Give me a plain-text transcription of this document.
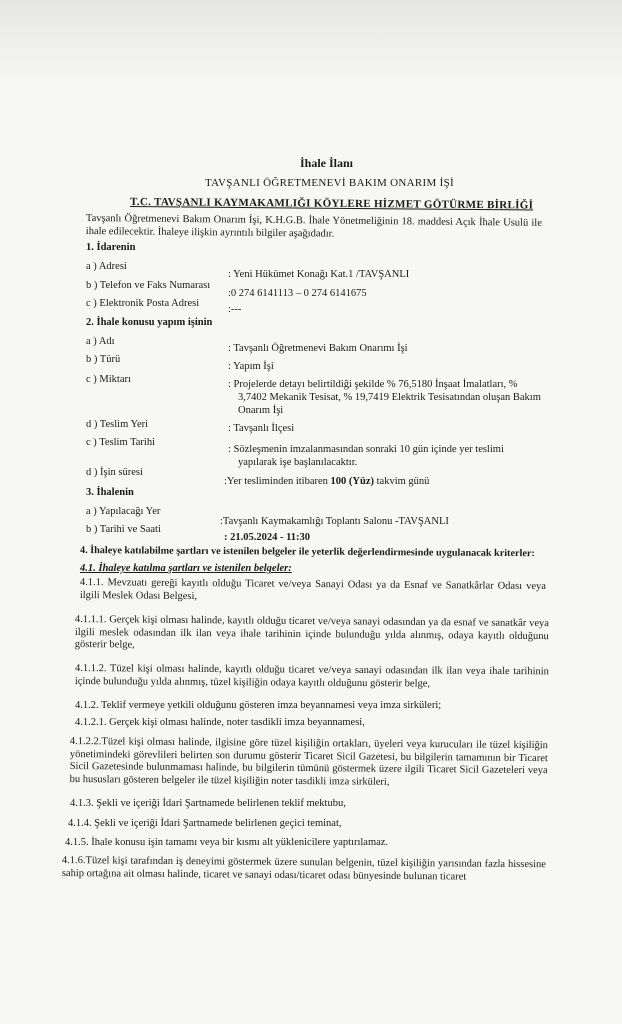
İhale İlanı
TAVŞANLI ÖĞRETMENEVİ BAKIM ONARIM İŞİ
T.C. TAVŞANLI KAYMAKAMLIĞI KÖYLERE HİZMET GÖTÜRME BİRLİĞİ
Tavşanlı Öğretmenevi Bakım Onarım İşi, K.H.G.B. İhale Yönetmeliğinin 18. maddesi Açık İhale Usulü ile ihale edilecektir. İhaleye ilişkin ayrıntılı bilgiler aşağıdadır.
1. İdarenin
a ) Adresi
: Yeni Hükümet Konağı Kat.1 /TAVŞANLI
b ) Telefon ve Faks Numarası
:0 274 6141113 – 0 274 6141675
c ) Elektronik Posta Adresi
:---
2. İhale konusu yapım işinin
a ) Adı
: Tavşanlı Öğretmenevi Bakım Onarımı İşi
b ) Türü
: Yapım İşi
c ) Miktarı	: Projelerde detayı belirtildiği şekilde % 76,5180 İnşaat İmalatları, %
3,7402 Mekanik Tesisat, % 19,7419 Elektrik Tesisatından oluşan Bakım
Onarım İşi
d ) Teslim Yeri	: Tavşanlı İlçesi
c ) Teslim Tarihi
: Sözleşmenin imzalanmasından sonraki 10 gün içinde yer teslimi
yapılarak işe başlanılacaktır.
d ) İşin süresi
:Yer tesliminden itibaren 100 (Yüz) takvim günü
3. İhalenin
a ) Yapılacağı Yer
:Tavşanlı Kaymakamlığı Toplantı Salonu -TAVŞANLI
b ) Tarihi ve Saati
: 21.05.2024 - 11:30
4. İhaleye katılabilme şartları ve istenilen belgeler ile yeterlik değerlendirmesinde uygulanacak kriterler:
4.1. İhaleye katılma şartları ve istenilen belgeler:
4.1.1. Mevzuatı gereği kayıtlı olduğu Ticaret ve/veya Sanayi Odası ya da Esnaf ve Sanatkârlar Odası veya ilgili Meslek Odası Belgesi,
4.1.1.1. Gerçek kişi olması halinde, kayıtlı olduğu ticaret ve/veya sanayi odasından ya da esnaf ve sanatkâr veya ilgili meslek odasından ilk ilan veya ihale tarihinin içinde bulunduğu yılda alınmış, odaya kayıtlı olduğunu gösterir belge,
4.1.1.2. Tüzel kişi olması halinde, kayıtlı olduğu ticaret ve/veya sanayi odasından ilk ilan veya ihale tarihinin içinde bulunduğu yılda alınmış, tüzel kişiliğin odaya kayıtlı olduğunu gösterir belge,
4.1.2. Teklif vermeye yetkili olduğunu gösteren imza beyannamesi veya imza sirküleri;
4.1.2.1. Gerçek kişi olması halinde, noter tasdikli imza beyannamesi,
4.1.2.2.Tüzel kişi olması halinde, ilgisine göre tüzel kişiliğin ortakları, üyeleri veya kurucuları ile tüzel kişiliğin yönetimindeki görevlileri belirten son durumu gösterir Ticaret Sicil Gazetesi, bu bilgilerin tamamının bir Ticaret Sicil Gazetesinde bulunmaması halinde, bu bilgilerin tümünü göstermek üzere ilgili Ticaret Sicil Gazeteleri veya bu hususları gösteren belgeler ile tüzel kişiliğin noter tasdikli imza sirküleri,
4.1.3. Şekli ve içeriği İdari Şartnamede belirlenen teklif mektubu,
4.1.4. Şekli ve içeriği İdari Şartnamede belirlenen geçici teminat,
4.1.5. İhale konusu işin tamamı veya bir kısmı alt yüklenicilere yaptırılamaz.
4.1.6.Tüzel kişi tarafından iş deneyimi göstermek üzere sunulan belgenin, tüzel kişiliğin yarısından fazla hissesine sahip ortağına ait olması halinde, ticaret ve sanayi odası/ticaret odası bünyesinde bulunan ticaret
